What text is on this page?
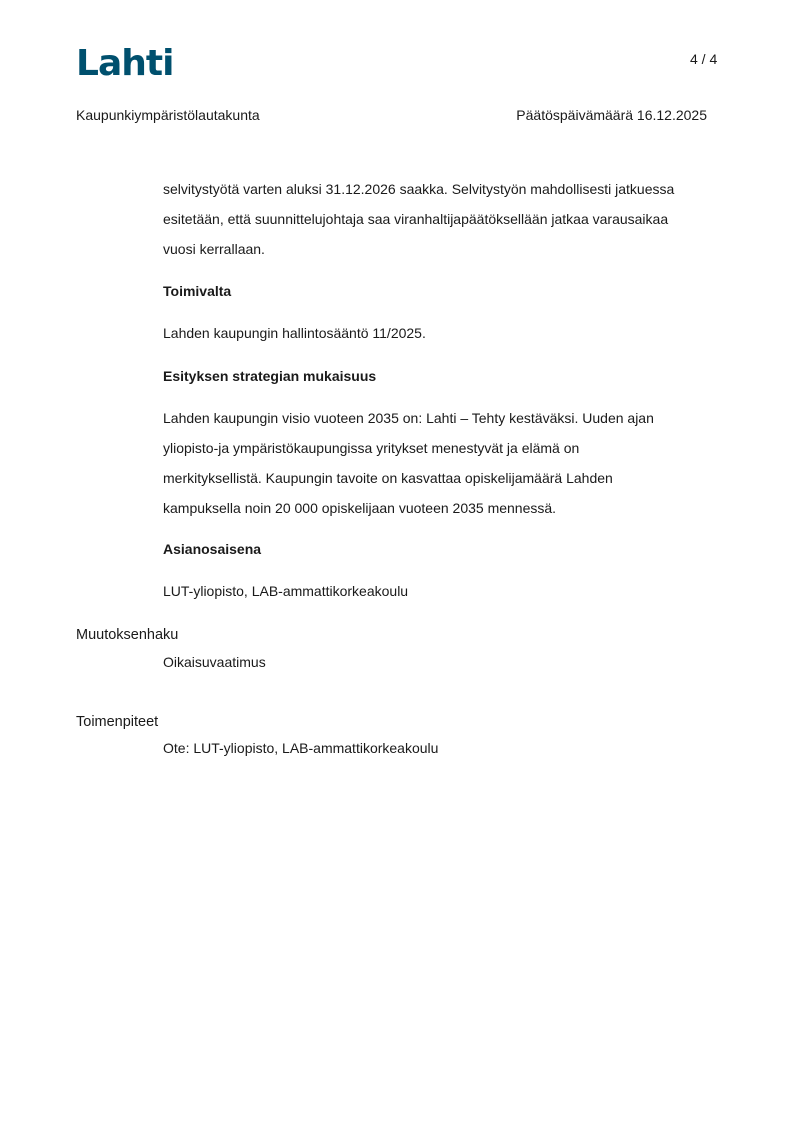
Lahti	4 / 4
Kaupunkiympäristölautakunta	Päätöspäivämäärä 16.12.2025

selvitystyötä varten aluksi 31.12.2026 saakka. Selvitystyön mahdollisesti jatkuessa

esitetään, että suunnittelujohtaja saa viranhaltijapäätöksellään jatkaa varausaikaa

vuosi kerrallaan.

Toimivalta
Lahden kaupungin hallintosääntö 11/2025.
Esityksen strategian mukaisuus

Lahden kaupungin visio vuoteen 2035 on: Lahti – Tehty kestäväksi. Uuden ajan

yliopisto-ja ympäristökaupungissa yritykset menestyvät ja elämä on

merkityksellistä. Kaupungin tavoite on kasvattaa opiskelijamäärä Lahden

kampuksella noin 20 000 opiskelijaan vuoteen 2035 mennessä.

Asianosaisena
LUT-yliopisto, LAB-ammattikorkeakoulu
Muutoksenhaku
Oikaisuvaatimus
Toimenpiteet
Ote: LUT-yliopisto, LAB-ammattikorkeakoulu
